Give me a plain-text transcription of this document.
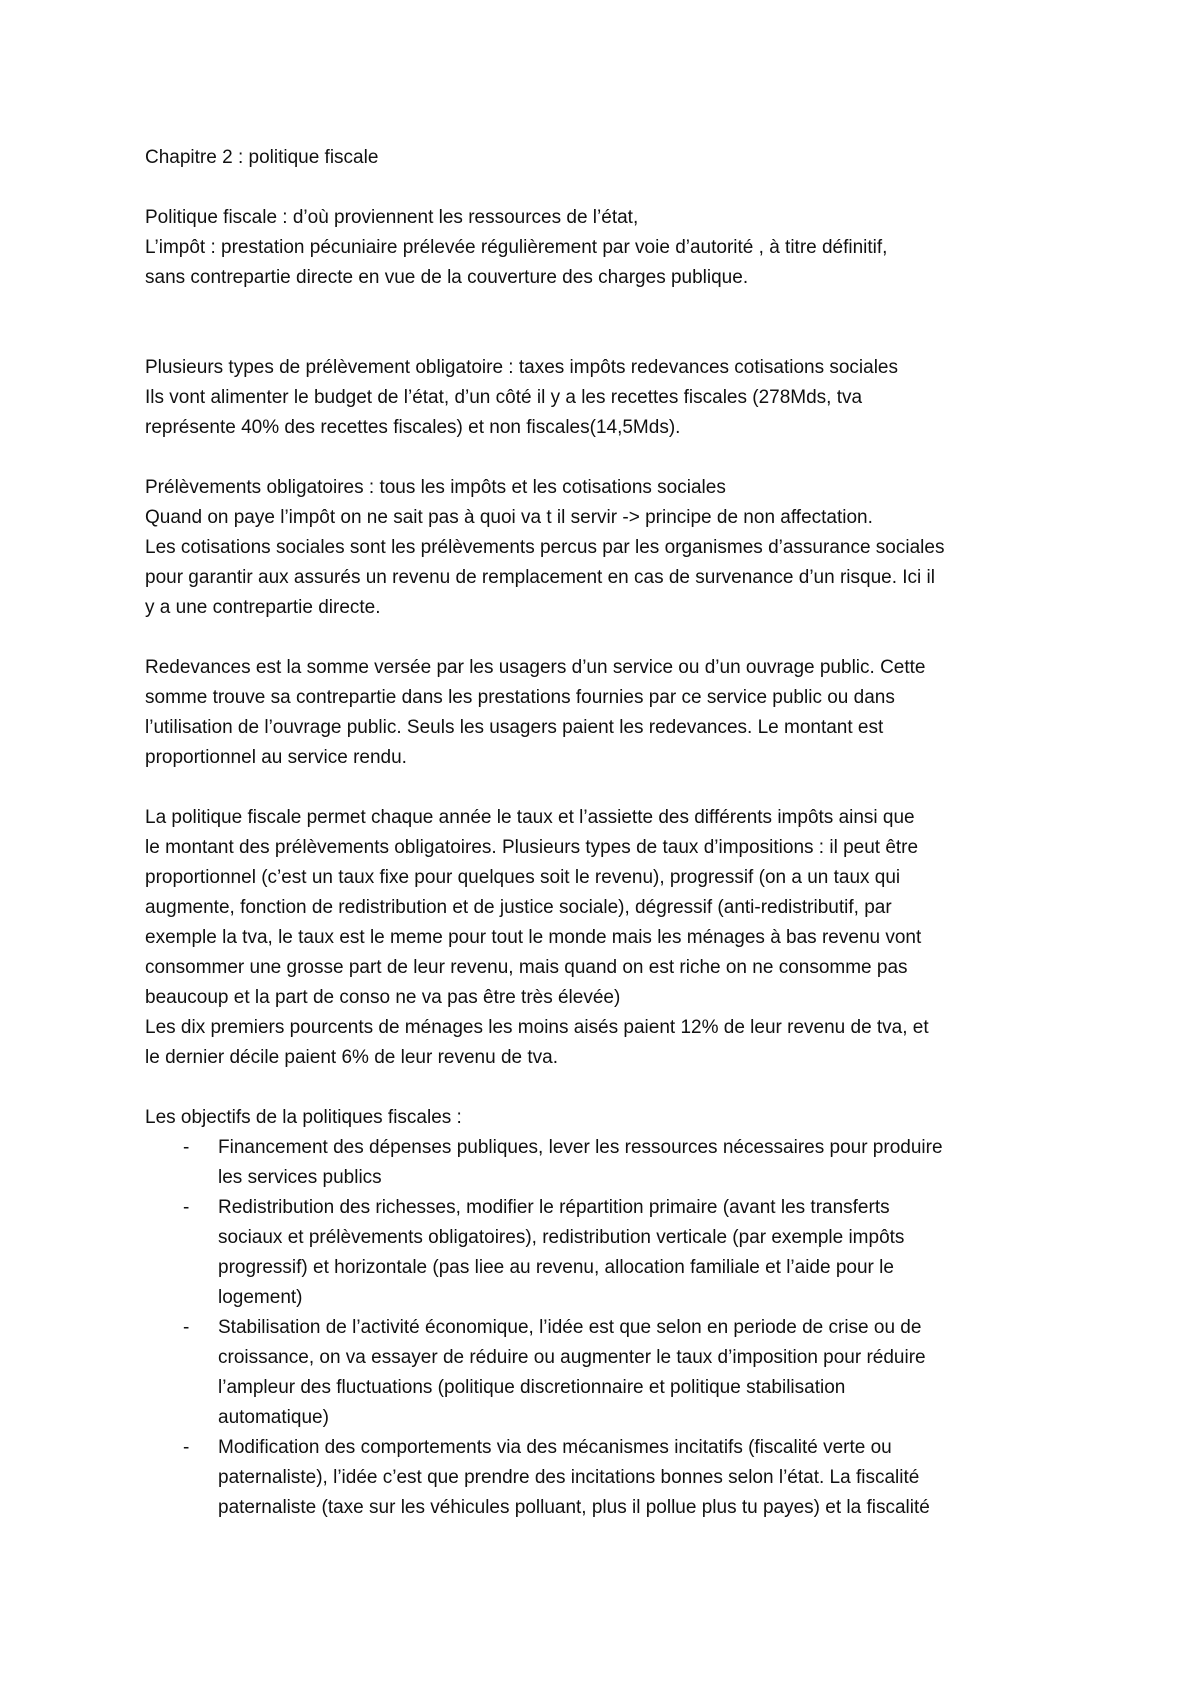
Chapitre 2 : politique fiscale

Politique fiscale : d’où proviennent les ressources de l’état,

L’impôt : prestation pécuniaire prélevée régulièrement par voie d’autorité , à titre définitif,

sans contrepartie directe en vue de la couverture des charges publique.

Plusieurs types de prélèvement obligatoire : taxes impôts redevances cotisations sociales

Ils vont alimenter le budget de l’état, d’un côté il y a les recettes fiscales (278Mds, tva

représente 40% des recettes fiscales) et non fiscales(14,5Mds).

Prélèvements obligatoires : tous les impôts et les cotisations sociales

Quand on paye l’impôt on ne sait pas à quoi va t il servir -> principe de non affectation.

Les cotisations sociales sont les prélèvements percus par les organismes d’assurance sociales

pour garantir aux assurés un revenu de remplacement en cas de survenance d’un risque. Ici il

y a une contrepartie directe.

Redevances est la somme versée par les usagers d’un service ou d’un ouvrage public. Cette

somme trouve sa contrepartie dans les prestations fournies par ce service public ou dans

l’utilisation de l’ouvrage public. Seuls les usagers paient les redevances. Le montant est

proportionnel au service rendu.

La politique fiscale permet chaque année le taux et l’assiette des différents impôts ainsi que

le montant des prélèvements obligatoires. Plusieurs types de taux d’impositions : il peut être

proportionnel (c’est un taux fixe pour quelques soit le revenu), progressif (on a un taux qui

augmente, fonction de redistribution et de justice sociale), dégressif (anti-redistributif, par

exemple la tva, le taux est le meme pour tout le monde mais les ménages à bas revenu vont

consommer une grosse part de leur revenu, mais quand on est riche on ne consomme pas

beaucoup et la part de conso ne va pas être très élevée)

Les dix premiers pourcents de ménages les moins aisés paient 12% de leur revenu de tva, et

le dernier décile paient 6% de leur revenu de tva.

Les objectifs de la politiques fiscales :

- Financement des dépenses publiques, lever les ressources nécessaires pour produire

les services publics

- Redistribution des richesses, modifier le répartition primaire (avant les transferts

sociaux et prélèvements obligatoires), redistribution verticale (par exemple impôts

progressif) et horizontale (pas liee au revenu, allocation familiale et l’aide pour le

logement)

- Stabilisation de l’activité économique, l’idée est que selon en periode de crise ou de

croissance, on va essayer de réduire ou augmenter le taux d’imposition pour réduire

l’ampleur des fluctuations (politique discretionnaire et politique stabilisation

automatique)

- Modification des comportements via des mécanismes incitatifs (fiscalité verte ou

paternaliste), l’idée c’est que prendre des incitations bonnes selon l’état. La fiscalité

paternaliste (taxe sur les véhicules polluant, plus il pollue plus tu payes) et la fiscalité
